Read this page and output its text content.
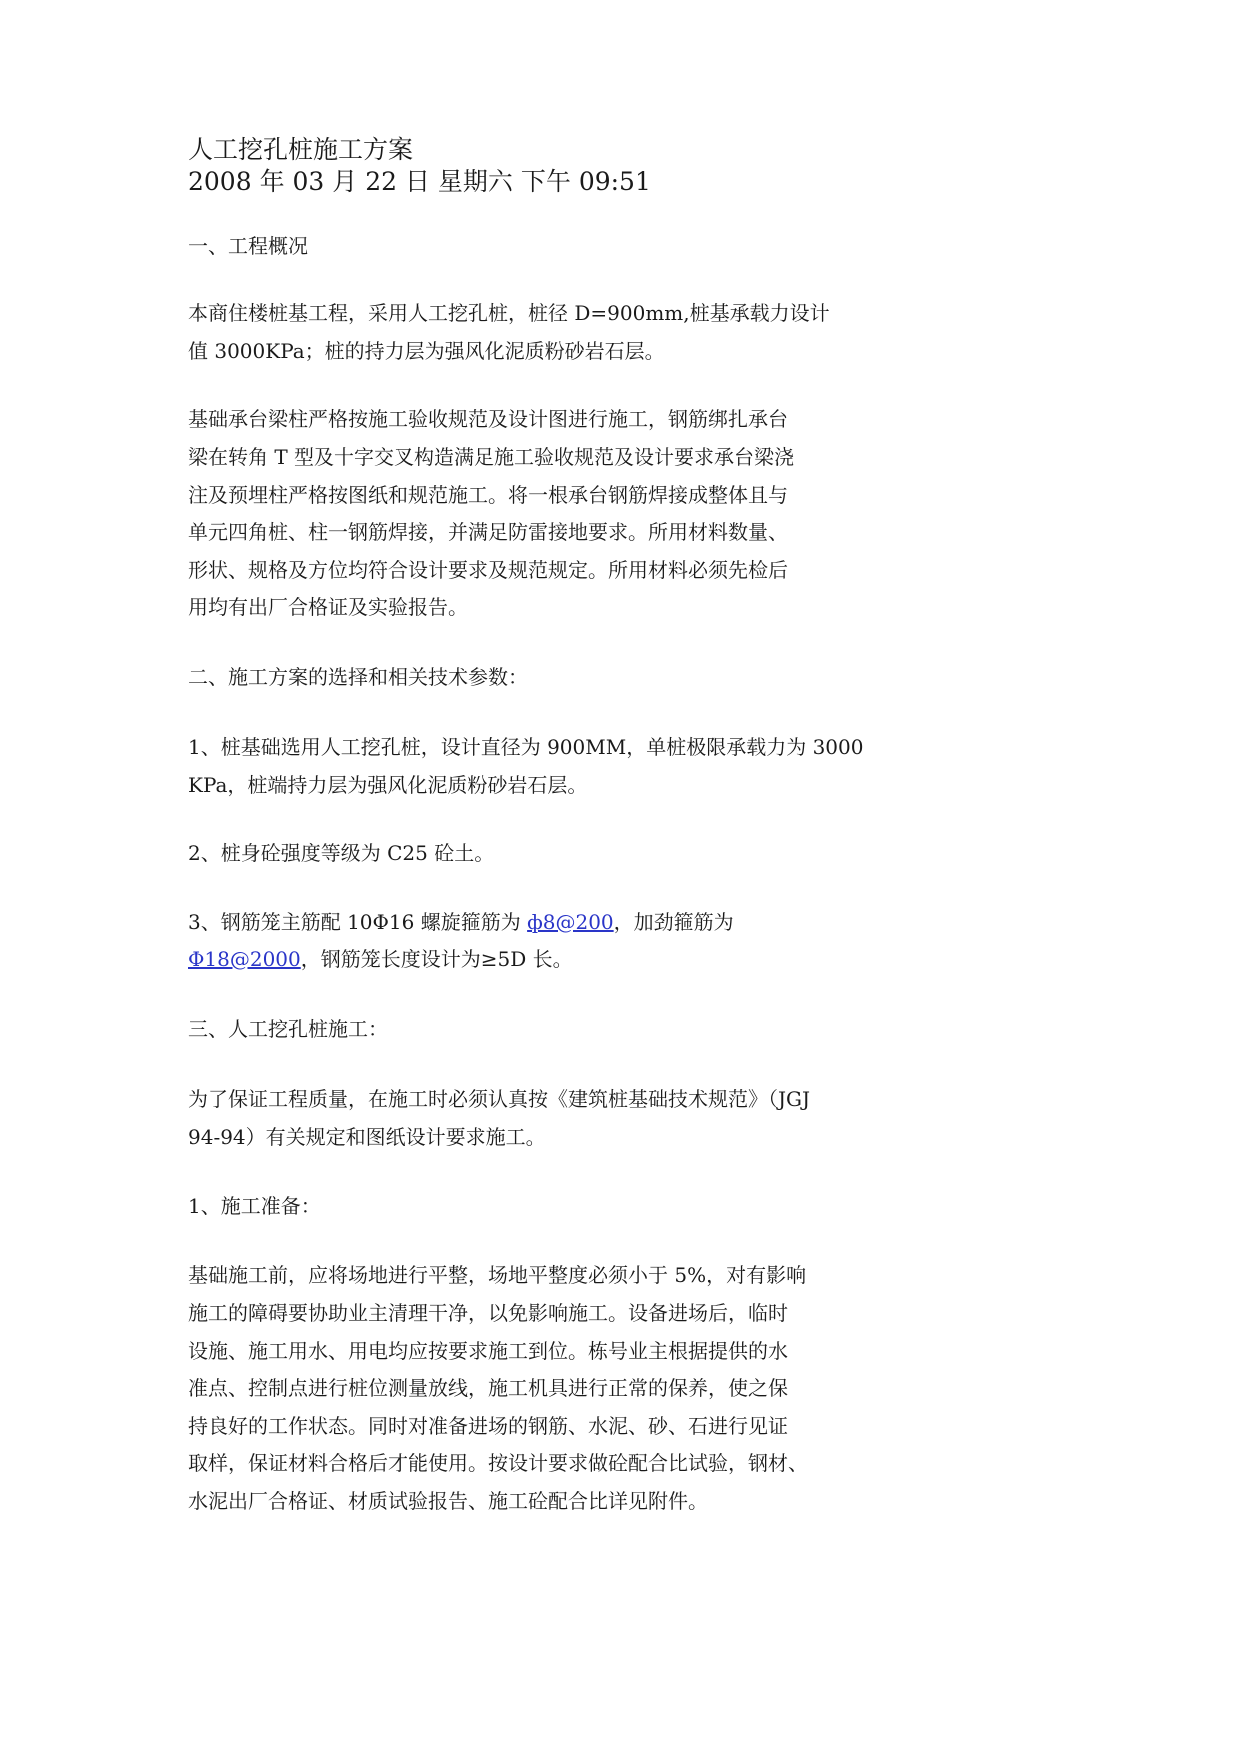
人工挖孔桩施工方案
2008 年 03 月 22 日 星期六 下午 09:51
一、工程概况
本商住楼桩基工程，采用人工挖孔桩，桩径 D=900mm,桩基承载力设计
值 3000KPa；桩的持力层为强风化泥质粉砂岩石层。
基础承台梁柱严格按施工验收规范及设计图进行施工，钢筋绑扎承台
梁在转角 T 型及十字交叉构造满足施工验收规范及设计要求承台梁浇
注及预埋柱严格按图纸和规范施工。将一根承台钢筋焊接成整体且与
单元四角桩、柱一钢筋焊接，并满足防雷接地要求。所用材料数量、
形状、规格及方位均符合设计要求及规范规定。所用材料必须先检后
用均有出厂合格证及实验报告。
二、施工方案的选择和相关技术参数：
1、桩基础选用人工挖孔桩，设计直径为 900MM，单桩极限承载力为 3000
KPa，桩端持力层为强风化泥质粉砂岩石层。
2、桩身砼强度等级为 C25 砼土。
3、钢筋笼主筋配 10Φ16 螺旋箍筋为 ф8@200，加劲箍筋为
Φ18@2000，钢筋笼长度设计为≥5D 长。
三、人工挖孔桩施工：
为了保证工程质量，在施工时必须认真按《建筑桩基础技术规范》（JGJ
94-94）有关规定和图纸设计要求施工。
1、施工准备：
基础施工前，应将场地进行平整，场地平整度必须小于 5%，对有影响
施工的障碍要协助业主清理干净，以免影响施工。设备进场后，临时
设施、施工用水、用电均应按要求施工到位。栋号业主根据提供的水
准点、控制点进行桩位测量放线，施工机具进行正常的保养，使之保
持良好的工作状态。同时对准备进场的钢筋、水泥、砂、石进行见证
取样，保证材料合格后才能使用。按设计要求做砼配合比试验，钢材、
水泥出厂合格证、材质试验报告、施工砼配合比详见附件。
